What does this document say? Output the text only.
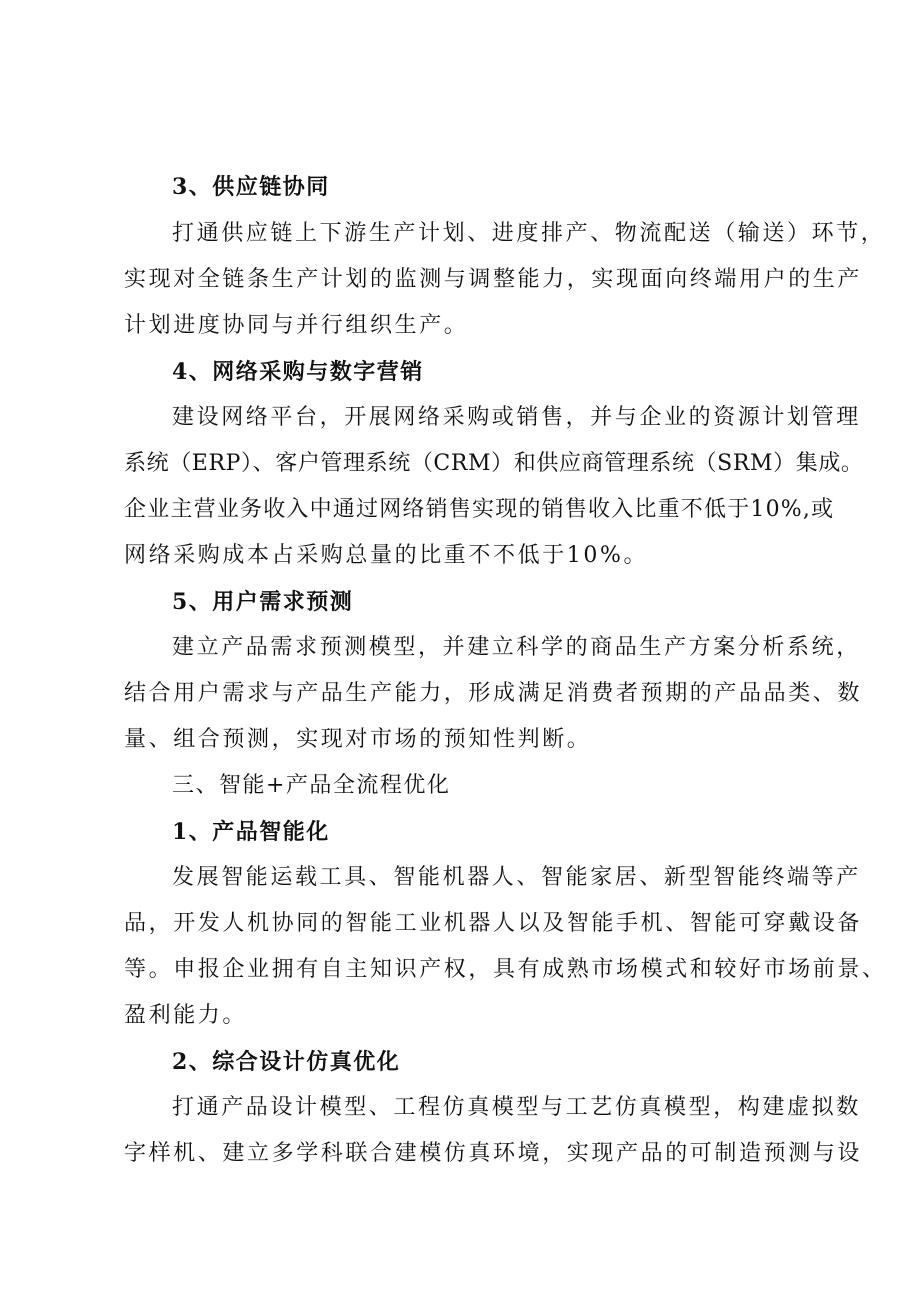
3、供应链协同
打通供应链上下游生产计划、进度排产、物流配送（输送）环节，
实现对全链条生产计划的监测与调整能力，实现面向终端用户的生产
计划进度协同与并行组织生产。
4、网络采购与数字营销
建设网络平台，开展网络采购或销售，并与企业的资源计划管理
系统（ERP）、客户管理系统（CRM）和供应商管理系统（SRM）集成。
企业主营业务收入中通过网络销售实现的销售收入比重不低于10%,或
网络采购成本占采购总量的比重不不低于10%。
5、用户需求预测
建立产品需求预测模型，并建立科学的商品生产方案分析系统，
结合用户需求与产品生产能力，形成满足消费者预期的产品品类、数
量、组合预测，实现对市场的预知性判断。
三、智能+产品全流程优化
1、产品智能化
发展智能运载工具、智能机器人、智能家居、新型智能终端等产
品，开发人机协同的智能工业机器人以及智能手机、智能可穿戴设备
等。申报企业拥有自主知识产权，具有成熟市场模式和较好市场前景、
盈利能力。
2、综合设计仿真优化
打通产品设计模型、工程仿真模型与工艺仿真模型，构建虚拟数
字样机、建立多学科联合建模仿真环境，实现产品的可制造预测与设
